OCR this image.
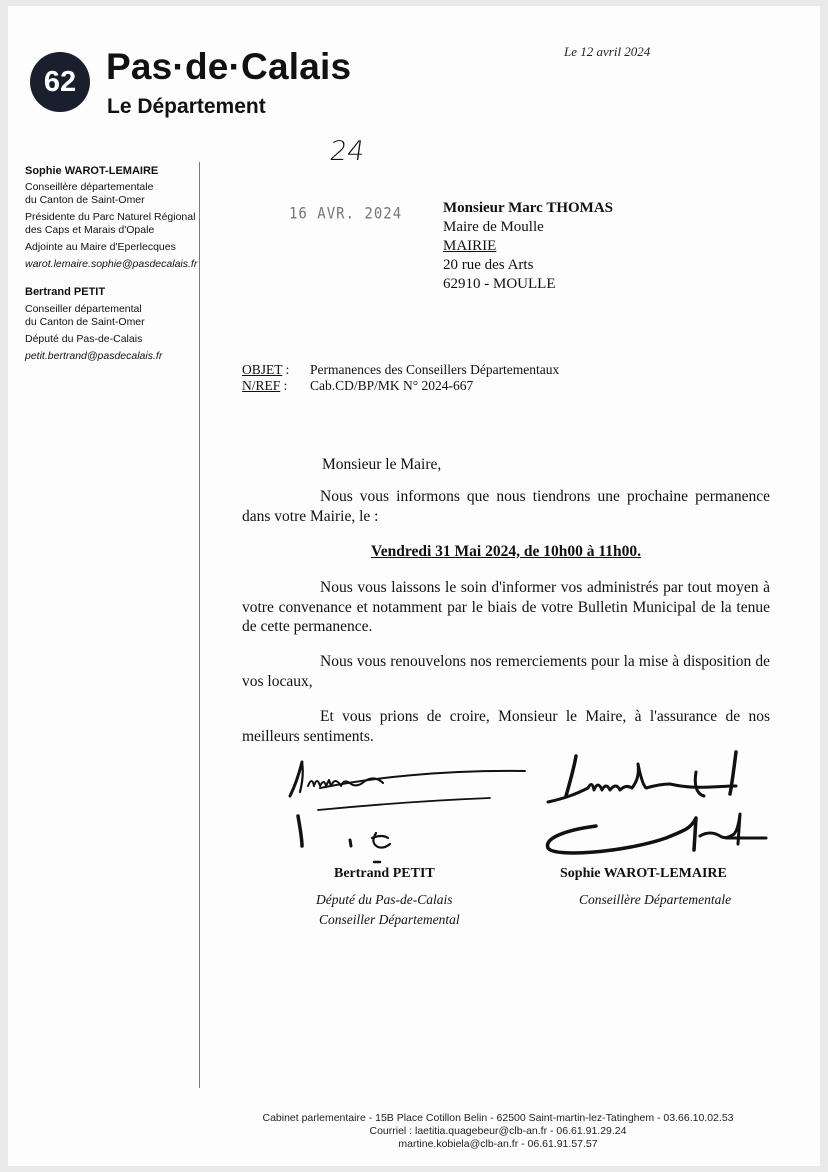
62 Pas·de·Calais
Le Département
Le 12 avril 2024
24
16 AVR. 2024
Sophie WAROT-LEMAIRE
Conseillère départementale
du Canton de Saint-Omer
Présidente du Parc Naturel Régional
des Caps et Marais d'Opale
Adjointe au Maire d'Eperlecques
warot.lemaire.sophie@pasdecalais.fr
Bertrand PETIT
Conseiller départemental
du Canton de Saint-Omer
Député du Pas-de-Calais
petit.bertrand@pasdecalais.fr
Monsieur Marc THOMAS
Maire de Moulle
MAIRIE
20 rue des Arts
62910 - MOULLE
OBJET : Permanences des Conseillers Départementaux
N/REF : Cab.CD/BP/MK N° 2024-667
Monsieur le Maire,
Nous vous informons que nous tiendrons une prochaine permanence dans votre Mairie, le :
Vendredi 31 Mai 2024, de 10h00 à 11h00.
Nous vous laissons le soin d'informer vos administrés par tout moyen à votre convenance et notamment par le biais de votre Bulletin Municipal de la tenue de cette permanence.
Nous vous renouvelons nos remerciements pour la mise à disposition de vos locaux,
Et vous prions de croire, Monsieur le Maire, à l'assurance de nos meilleurs sentiments.
Bertrand PETIT
Député du Pas-de-Calais
Conseiller Départemental
Sophie WAROT-LEMAIRE
Conseillère Départementale
Cabinet parlementaire - 15B Place Cotillon Belin - 62500 Saint-martin-lez-Tatinghem - 03.66.10.02.53
Courriel : laetitia.quagebeur@clb-an.fr - 06.61.91.29.24
martine.kobiela@clb-an.fr - 06.61.91.57.57
